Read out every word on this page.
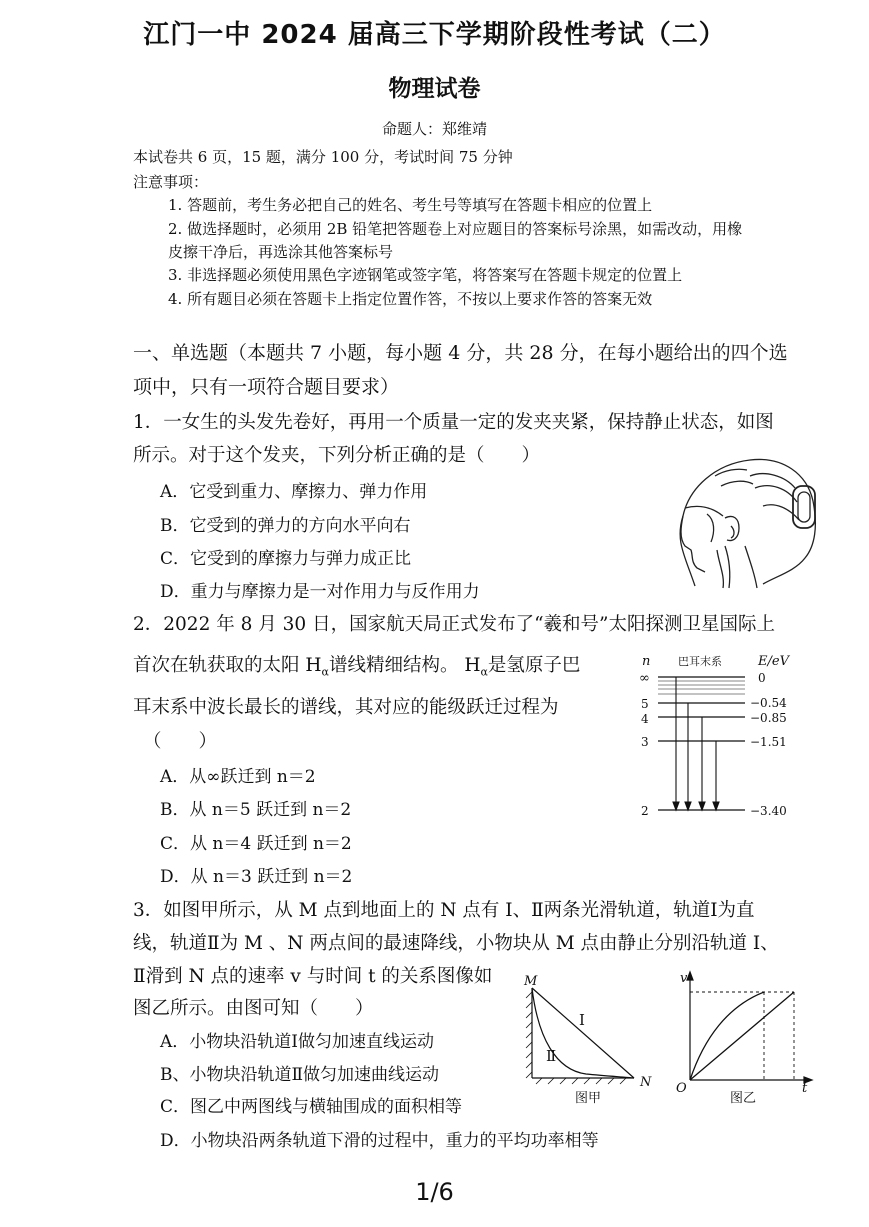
江门一中 2024 届高三下学期阶段性考试（二）
物理试卷
命题人：郑维靖
本试卷共 6 页，15 题，满分 100 分，考试时间 75 分钟
注意事项：
1. 答题前，考生务必把自己的姓名、考生号等填写在答题卡相应的位置上
2. 做选择题时，必须用 2B 铅笔把答题卷上对应题目的答案标号涂黑，如需改动，用橡
皮擦干净后，再选涂其他答案标号
3. 非选择题必须使用黑色字迹钢笔或签字笔，将答案写在答题卡规定的位置上
4. 所有题目必须在答题卡上指定位置作答，不按以上要求作答的答案无效
一、单选题（本题共 7 小题，每小题 4 分，共 28 分，在每小题给出的四个选
项中，只有一项符合题目要求）
1．一女生的头发先卷好，再用一个质量一定的发夹夹紧，保持静止状态，如图
所示。对于这个发夹，下列分析正确的是（　　）
A．它受到重力、摩擦力、弹力作用
B．它受到的弹力的方向水平向右
C．它受到的摩擦力与弹力成正比
D．重力与摩擦力是一对作用力与反作用力
2．2022 年 8 月 30 日，国家航天局正式发布了“羲和号”太阳探测卫星国际上
首次在轨获取的太阳 $H_\alpha$谱线精细结构。 $H_\alpha$是氢原子巴
耳末系中波长最长的谱线，其对应的能级跃迁过程为
（　　）
A．从∞跃迁到 n＝2
B．从 n＝5 跃迁到 n＝2
C．从 n＝4 跃迁到 n＝2
D．从 n＝3 跃迁到 n＝2
n	巴耳末系	E/eV
∞
5
4
3
2
0
−0.54
−0.85
−1.51
−3.40
3．如图甲所示，从 M 点到地面上的 N 点有 Ⅰ、Ⅱ两条光滑轨道，轨道Ⅰ为直
线，轨道Ⅱ为 M 、N 两点间的最速降线，小物块从 M 点由静止分别沿轨道 Ⅰ、
Ⅱ滑到 N 点的速率 v 与时间 t 的关系图像如
图乙所示。由图可知（　　）
A．小物块沿轨道Ⅰ做匀加速直线运动
B、小物块沿轨道Ⅱ做匀加速曲线运动
C．图乙中两图线与横轴围成的面积相等
D．小物块沿两条轨道下滑的过程中，重力的平均功率相等
M
N
Ⅰ
Ⅱ
图甲
v
t
O
图乙
1/6
